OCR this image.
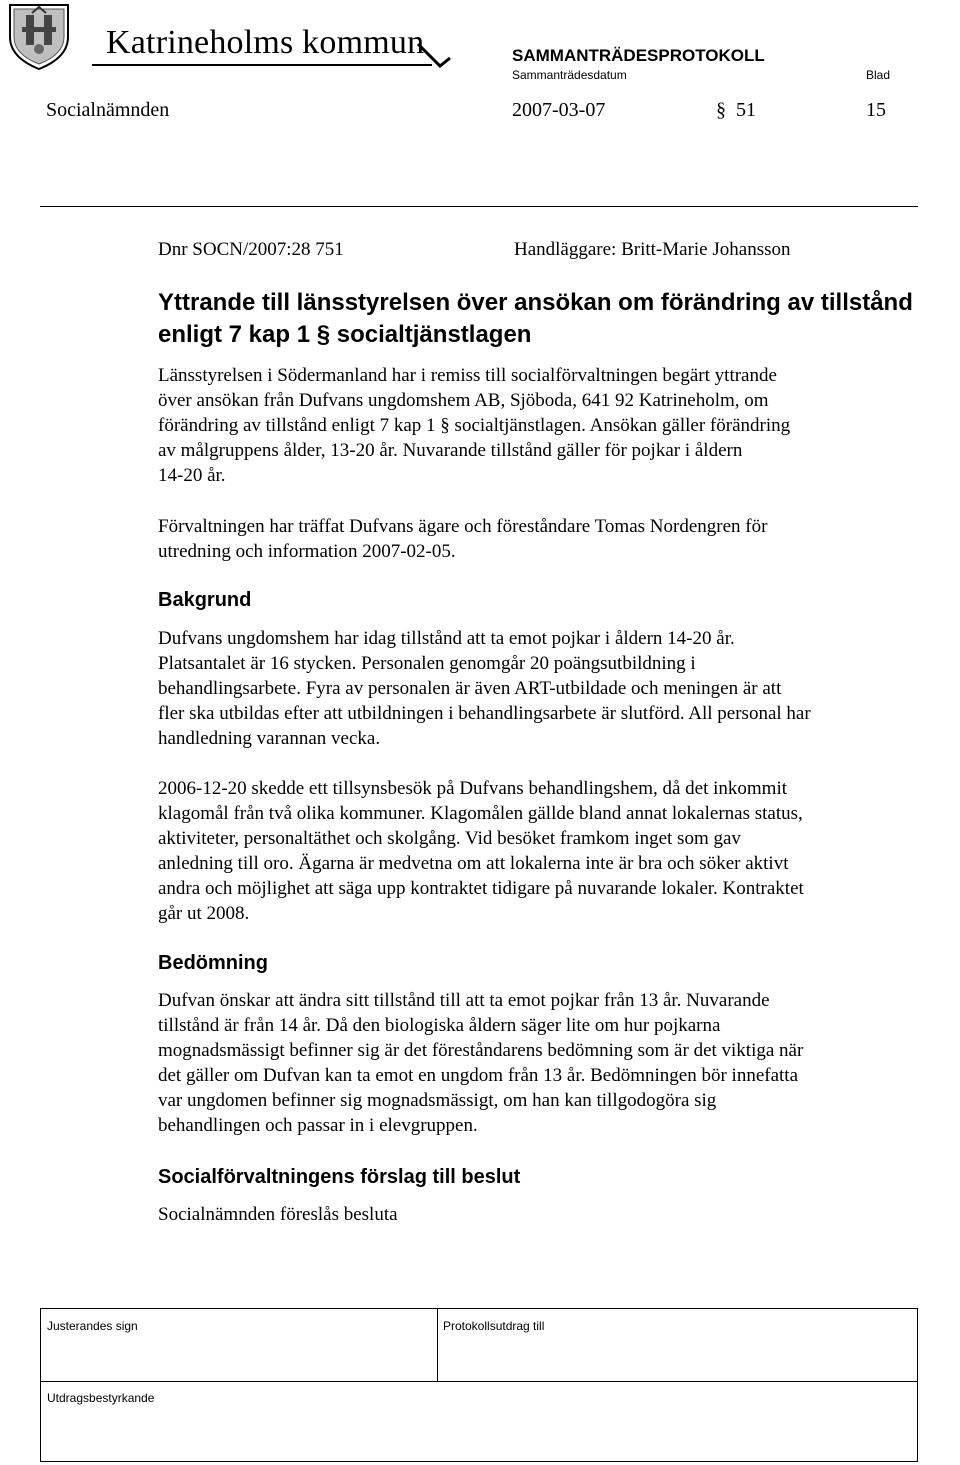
Katrineholms kommun	SAMMANTRÄDESPROTOKOLL
Sammanträdesdatum	Blad
Socialnämnden	2007-03-07	§ 51	15
Dnr SOCN/2007:28 751	Handläggare: Britt-Marie Johansson
Yttrande till länsstyrelsen över ansökan om förändring av tillstånd enligt 7 kap 1 § socialtjänstlagen
Länsstyrelsen i Södermanland har i remiss till socialförvaltningen begärt yttrande
över ansökan från Dufvans ungdomshem AB, Sjöboda, 641 92 Katrineholm, om
förändring av tillstånd enligt 7 kap 1 § socialtjänstlagen. Ansökan gäller förändring
av målgruppens ålder, 13-20 år. Nuvarande tillstånd gäller för pojkar i åldern
14-20 år.
Förvaltningen har träffat Dufvans ägare och föreståndare Tomas Nordengren för
utredning och information 2007-02-05.
Bakgrund
Dufvans ungdomshem har idag tillstånd att ta emot pojkar i åldern 14-20 år.
Platsantalet är 16 stycken. Personalen genomgår 20 poängsutbildning i
behandlingsarbete. Fyra av personalen är även ART-utbildade och meningen är att
fler ska utbildas efter att utbildningen i behandlingsarbete är slutförd. All personal har
handledning varannan vecka.
2006-12-20 skedde ett tillsynsbesök på Dufvans behandlingshem, då det inkommit
klagomål från två olika kommuner. Klagomålen gällde bland annat lokalernas status,
aktiviteter, personaltäthet och skolgång. Vid besöket framkom inget som gav
anledning till oro. Ägarna är medvetna om att lokalerna inte är bra och söker aktivt
andra och möjlighet att säga upp kontraktet tidigare på nuvarande lokaler. Kontraktet
går ut 2008.
Bedömning
Dufvan önskar att ändra sitt tillstånd till att ta emot pojkar från 13 år. Nuvarande
tillstånd är från 14 år. Då den biologiska åldern säger lite om hur pojkarna
mognadsmässigt befinner sig är det föreståndarens bedömning som är det viktiga när
det gäller om Dufvan kan ta emot en ungdom från 13 år. Bedömningen bör innefatta
var ungdomen befinner sig mognadsmässigt, om han kan tillgodogöra sig
behandlingen och passar in i elevgruppen.
Socialförvaltningens förslag till beslut
Socialnämnden föreslås besluta
Justerandes sign	Protokollsutdrag till
Utdragsbestyrkande
